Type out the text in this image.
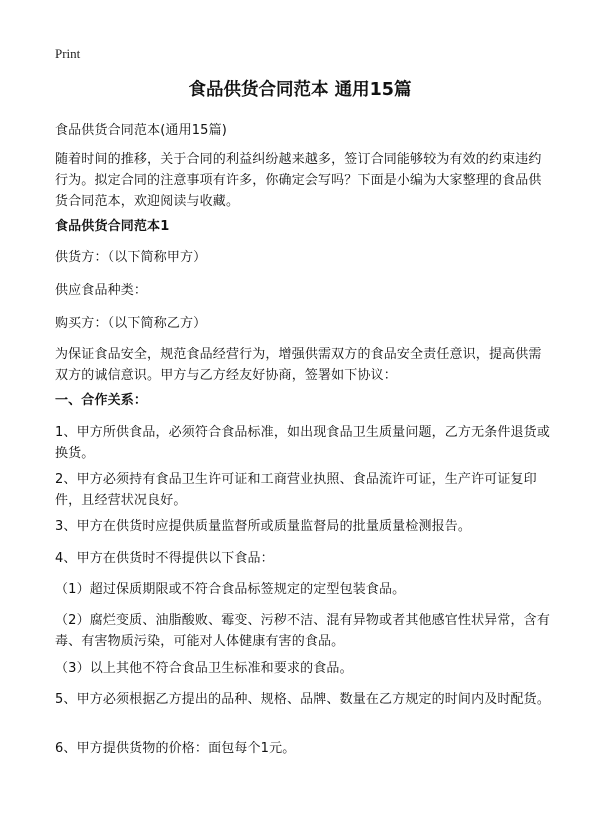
Print
食品供货合同范本 通用15篇

食品供货合同范本(通用15篇)

随着时间的推移，关于合同的利益纠纷越来越多，签订合同能够较为有效的约束违约行为。拟定合同的注意事项有许多，你确定会写吗？下面是小编为大家整理的食品供货合同范本，欢迎阅读与收藏。

食品供货合同范本1

供货方：（以下简称甲方）

供应食品种类：

购买方：（以下简称乙方）

为保证食品安全，规范食品经营行为，增强供需双方的食品安全责任意识，提高供需双方的诚信意识。甲方与乙方经友好协商，签署如下协议：

一、合作关系：

1、甲方所供食品，必须符合食品标准，如出现食品卫生质量问题，乙方无条件退货或换货。

2、甲方必须持有食品卫生许可证和工商营业执照、食品流许可证，生产许可证复印件，且经营状况良好。

3、甲方在供货时应提供质量监督所或质量监督局的批量质量检测报告。

4、甲方在供货时不得提供以下食品：

（1）超过保质期限或不符合食品标签规定的定型包装食品。

（2）腐烂变质、油脂酸败、霉变、污秽不洁、混有异物或者其他感官性状异常，含有毒、有害物质污染，可能对人体健康有害的食品。

（3）以上其他不符合食品卫生标准和要求的食品。

5、甲方必须根据乙方提出的品种、规格、品牌、数量在乙方规定的时间内及时配货。

6、甲方提供货物的价格：面包每个1元。
